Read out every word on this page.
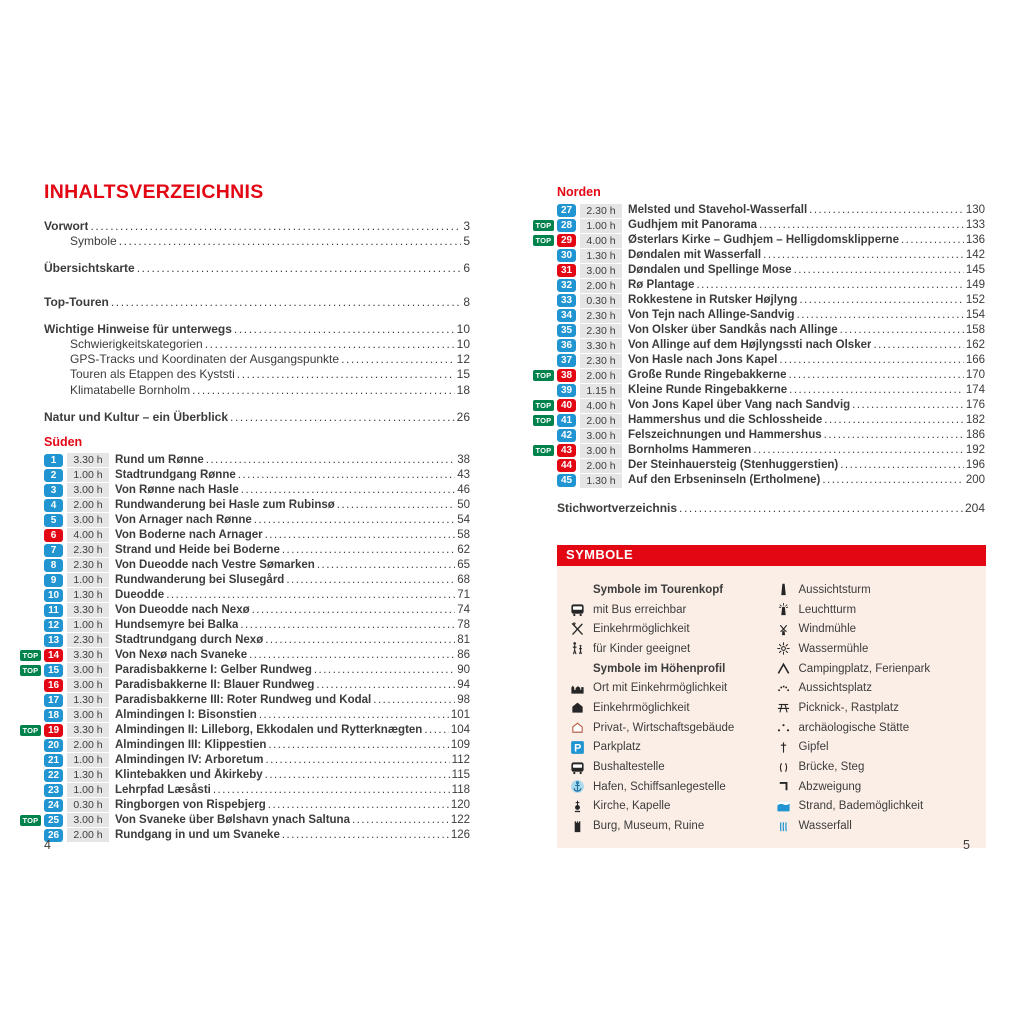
INHALTSVERZEICHNIS
Vorwort .....	3
Symbole .....	5
Übersichtskarte .....	6
Top-Touren .....	8
Wichtige Hinweise für unterwegs .....	10
Schwierigkeitskategorien .....	10
GPS-Tracks und Koordinaten der Ausgangspunkte .....	12
Touren als Etappen des Kyststi .....	15
Klimatabelle Bornholm .....	18
Natur und Kultur – ein Überblick .....	26
Süden
1	3.30 h	Rund um Rønne .....	38
2	1.00 h	Stadtrundgang Rønne .....	43
3	3.00 h	Von Rønne nach Hasle .....	46
4	2.00 h	Rundwanderung bei Hasle zum Rubinsø .....	50
5	3.00 h	Von Arnager nach Rønne .....	54
6	4.00 h	Von Boderne nach Arnager .....	58
7	2.30 h	Strand und Heide bei Boderne .....	62
8	2.30 h	Von Dueodde nach Vestre Sømarken .....	65
9	1.00 h	Rundwanderung bei Slusegård .....	68
10	1.30 h	Dueodde .....	71
11	3.30 h	Von Dueodde nach Nexø .....	74
12	1.00 h	Hundsemyre bei Balka .....	78
13	2.30 h	Stadtrundgang durch Nexø .....	81
TOP 14	3.30 h	Von Nexø nach Svaneke .....	86
TOP 15	3.00 h	Paradisbakkerne I: Gelber Rundweg .....	90
16	3.00 h	Paradisbakkerne II: Blauer Rundweg .....	94
17	1.30 h	Paradisbakkerne III: Roter Rundweg und Kodal .....	98
18	3.00 h	Almindingen I: Bisonstien .....	101
TOP 19	3.30 h	Almindingen II: Lilleborg, Ekkodalen und Rytterknægten ..... 104
20	2.00 h	Almindingen III: Klippestien .....	109
21	1.00 h	Almindingen IV: Arboretum .....	112
22	1.30 h	Klintebakken und Åkirkeby .....	115
23	1.00 h	Lehrpfad Læsåsti .....	118
24	0.30 h	Ringborgen von Rispebjerg .....	120
TOP 25	3.00 h	Von Svaneke über Bølshavn ynach Saltuna .....	122
26	2.00 h	Rundgang in und um Svaneke .....	126
Norden
27	2.30 h	Melsted und Stavehol-Wasserfall .....	130
TOP 28	1.00 h	Gudhjem mit Panorama .....	133
TOP 29	4.00 h	Østerlars Kirke – Gudhjem – Helligdomsklipperne .....	136
30	1.30 h	Døndalen mit Wasserfall .....	142
31	3.00 h	Døndalen und Spellinge Mose .....	145
32	2.00 h	Rø Plantage .....	149
33	0.30 h	Rokkestene in Rutsker Højlyng .....	152
34	2.30 h	Von Tejn nach Allinge-Sandvig .....	154
35	2.30 h	Von Olsker über Sandkås nach Allinge .....	158
36	3.30 h	Von Allinge auf dem Højlyngssti nach Olsker .....	162
37	2.30 h	Von Hasle nach Jons Kapel .....	166
TOP 38	2.00 h	Große Runde Ringebakkerne .....	170
39	1.15 h	Kleine Runde Ringebakkerne .....	174
TOP 40	4.00 h	Von Jons Kapel über Vang nach Sandvig .....	176
TOP 41	2.00 h	Hammershus und die Schlossheide .....	182
42	3.00 h	Felszeichnungen und Hammershus .....	186
TOP 43	3.00 h	Bornholms Hammeren .....	192
44	2.00 h	Der Steinhauersteig (Stenhuggerstien) .....	196
45	1.30 h	Auf den Erbseninseln (Ertholmene) .....	200
Stichwortverzeichnis .....	204
SYMBOLE
Symbole im Tourenkopf
mit Bus erreichbar
Einkehrmöglichkeit
für Kinder geeignet
Symbole im Höhenprofil
Ort mit Einkehrmöglichkeit
Einkehrmöglichkeit
Privat-, Wirtschaftsgebäude
Parkplatz
Bushaltestelle
Hafen, Schiffsanlegestelle
Kirche, Kapelle
Burg, Museum, Ruine
Aussichtsturm
Leuchtturm
Windmühle
Wassermühle
Campingplatz, Ferienpark
Aussichtsplatz
Picknick-, Rastplatz
archäologische Stätte
Gipfel
Brücke, Steg
Abzweigung
Strand, Bademöglichkeit
Wasserfall
4	5
